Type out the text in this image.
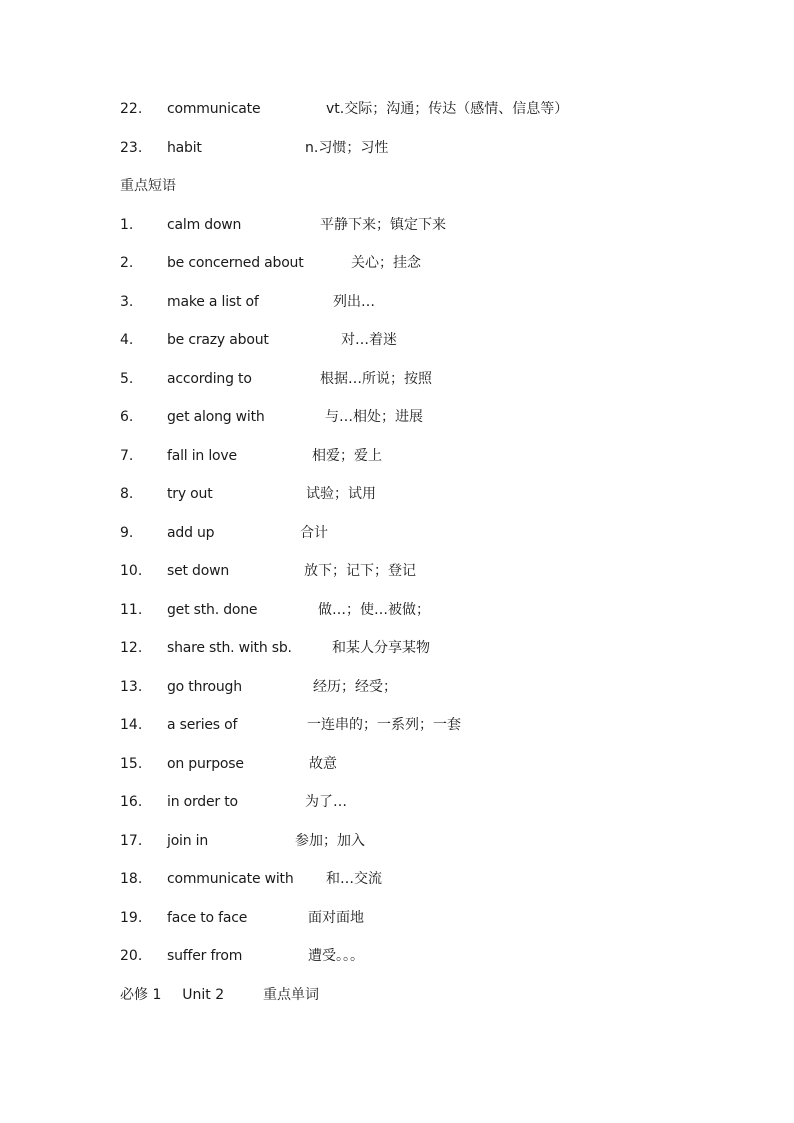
22. communicate	vt.交际；沟通；传达（感情、信息等）
23. habit	n.习惯；习性
重点短语
1. calm down	平静下来；镇定下来
2. be concerned about	关心；挂念
3. make a list of	列出…
4. be crazy about	对…着迷
5. according to	根据…所说；按照
6. get along with	与…相处；进展
7. fall in love	相爱；爱上
8. try out	试验；试用
9. add up	合计
10. set down	放下；记下；登记
11. get sth. done	做…；使…被做；
12. share sth. with sb.	和某人分享某物
13. go through	经历；经受；
14. a series of	一连串的；一系列；一套
15. on purpose	故意
16. in order to	为了…
17. join in	参加；加入
18. communicate with 和…交流
19. face to face	面对面地
20. suffer from	遭受。。。
必修 1 Unit 2	重点单词
